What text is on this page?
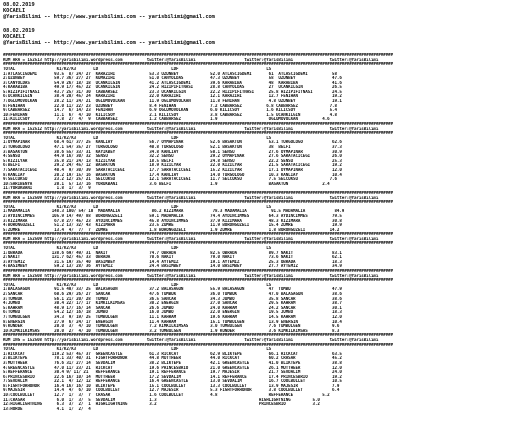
08.02.2019
KOCAELI
@YarisBilimi -- http://www.yarisbilimi.com -- yarisbilimi@gmail.com
08.02.2019
KOCAELI
@YarisBilimi -- http://www.yarisbilimi.com -- yarisbilimi@gmail.com
################################################################################################################################################################
KUM ARA = 152513 http://yarisbilimi.wordpress.com          twitter:@YarisBilimi                    twitter:@YarisBilimi               twitter:@YarisBilimi
################################################################################################################################################################
TOTAL                 K1/K2/K3       LD                              LDF                                    LS
1:ATLASCIGDEMI       93.5  8/ 24/ 27  KARAZIHI              53.3 UZUNBEY             52.0 ATLASCIGDEMI       61  ATLASCIGDEMI          58
2:UZUNBEY            59.7 36/ 27/ 27  KUMAZIHI              51.0 CANYOLDAS           47.3 UZUNBEY            58  UZUNBEY               47.6
3:CANYOLDAS          54.9 26/ 18/ 18  UCANKILGIN            41.2 ATLASCIGDEMI        39.6 KARABIBA           48  KARABIBA              41.6
4:KARABIBA           49.9 17/ 45/ 22  UCANKILGIN            24.2 HIZIPIFITNASI       28.8 CANYOLDAS          27  UCANKILGIN            26.5
5:HIZIPIFITNASI      43.7 25/ 31/ 30  CABBARSEZ             23.3 UCANKILGIN          22.2 HIZIPIFITNASI      25.8 HIZIPIFITNASI        24.5
6:UCANKILGIN         38.4 20/ 45/ 24  KARAZIHI              22.0 KARAZIHI            12.1 KARAZIHI           12.7 FENIHAN              19.2
7:OGLUMOVOLKAN       28.2 11/ 24/ 21  OGLUMOVOLKAN          11.9 OGLUMOVOLKAN        11.8 FENIHAN            4.8 UZUNBEY               19.1
8:FENIHAN            22.0 11/ 22/ 23  UZUNBEY               8.4 FENIHAN              7.2 CABBARSEZ          6.8 CABBARSEZ             7.8
9:CABBARSEZ          14.7  6/ 14/ 23  FENIHAN               6.9 OGLUMOVOLKAN         6.0 KILICSOY           1.6 KILICSOY              5.4
10:FENIHAN           11.1  6/  4/ 10  KILICSOY              2.1 KILICSOY             3.8 CABBARSEZ          1.5 UCANKILGIN            4.8
11:KILICSOY           7.8  2/  4/  9  CABBARSEZ             1.2 CABBARSEZ            1.9                     OGLUMOVOLKAN          4.6
################################################################################################################################################################
KUM ARA = 152512 http://yarisbilimi.wordpress.com          twitter:@YarisBilimi                    twitter:@YarisBilimi               twitter:@YarisBilimi
################################################################################################################################################################
TOTAL                 K1/K2/K3       LD                              LDF                                    LS
1:OYMAPINAR          68.4 61/ 37/ 25  KANLIAY               56.7 OYMAPINAR           52.6 BASAKTUN           53.1 TURGOLOGO            62.6
2:TURGOLOGO          47.1 54/ 35/ 27  TURGOLOGO             40.8 TURGOLOGO           52.1 BASAKTUN           38  BELFI                 37.3
3:BASAKTUN           38.6 55/ 33/ 31  KAYIKBEY              34.8 KANLIAY             50.1 SENSU              27.6 OYMAPINAR            30.9
4:SENSU              44.9 16/ 30/ 32  SENSU                 32.2 SENSU               29.2 OYMAPINAR          27.6 SARATACICEGI         26.0
5:KIZILYAR           35.8 21/ 24/ 13  KIZILYAR              18.5 BELFI               24.8 SENSU              22.2 SENSU                25.3
6:BELFI              29.2 24/ 45/ 12  BASAKTUN              18.9 KIZILYAR            22.0 KIZILYAR           21.5 SARATACICEGI         19.2
7:SARATACICEGI       40.4  9/ 30/ 39  SARATACICEGI          17.7 SARATACICEGI        15.2 KIZILYAR           17.1 OYMAPINAR            12.0
8:KANLIAY            20.2 19/ 15/ 16  BASAKTUN              17.4 KANLIAY             14.0 TURGOLOGO          10.3 KANLIAY              10.4
9:SELCUKSU           23.2 12/ 25/ 21  SELCUKSU              12.1 SARATACICEGI        11.7 SELCUKSU           7.5 SELCUKSU             7.6
10:SARIBENYA         20.1  5/ 13/ 16  YORUKBANI             3.6 BELFI                1.9                     BASAKTUN              2.4
11:YORUKBANI          1.8  1/  3/  9
################################################################################################################################################################
KUM ARA = 152509 http://yarisbilimi.wordpress.com          twitter:@YarisBilimi                    twitter:@YarisBilimi               twitter:@YarisBilimi
################################################################################################################################################################
TOTAL                 K1/K2/K3       LD                              LDF                                    LS
1:MADAMALIA         148.3 100/ 54/ 10  MADAMALIA             86.2 KIZIMARA            78.3 MADAMALIA          91.5 MADAMALIA            84.9
2:AYDINCIMMES       105.9 14/ 49/ 88  BORONGUZELI           59.1 MADAMALIA           74.4 AYDINCIMMES        64.3 AYDINCIMMES          79.5
3:KIZIMARA           67.8 27/ 45/ 23  AYDINCIMMES           45.8 AYDINCIMMES         37.9 KIZIMARA           48.3 KIZIMARA             30.8
4:BORONGUZELI        51.2 13/ 32/ 43  KIZIMARA              23.5 ZUMRE               11.9 BORONGUZELI        15.4 ZUMRE                19.9
5:ZUMRE              13.4  4/  7/  7  ZUMRE                 1.8 BORONGUZELI          1.9 ZUMRE               1.8 BORONGUZELI          14.2
################################################################################################################################################################
KUM ARA = 152509 http://yarisbilimi.wordpress.com          twitter:@YarisBilimi                    twitter:@YarisBilimi               twitter:@YarisBilimi
################################################################################################################################################################
TOTAL                 K1/K2/K3       LD                              LDF                                    LS
1:OBRADA            138.6 69/ 49/ 31  NAKIT                 74.7 OBRADA              82.5 OBRADA             89.7 NAKIT                83.1
2:NAKIT             131.7 62/ 45/ 33  OBRADA                70.6 NAKIT               79.0 NAKIT              73.6 NAKIT                62.1
3:AYTEMIZ            31.5 19/ 35/ 40  BASIMBEY              14.4 AYTEMIZ             19.1 AYTEMIZ            25.3 OBRADA               18.3
4:BASIMBEY           59.2 13/ 28/ 36  AYTEMIZ               24.4 BASIMBEY            14.0 BASIMBEY           27.7 AYTEMIZ              34.9
################################################################################################################################################################
KUM ARA = 152508 http://yarisbilimi.wordpress.com          twitter:@YarisBilimi                    twitter:@YarisBilimi               twitter:@YarisBilimi
################################################################################################################################################################
TOTAL                 K1/K2/K3       LD                              LDF                                    LS
1:BALASAGUN          91.5 40/ 33/ 25  BALASAGUN             37.2 BALASAGUN           55.9 BALASAGUN          47  TOMBU                 47.9
2:SANCAR             60.6 29/ 26/ 27  SANCAR                47.6 TUMBUK              36.0 TUMBUK             47.0 BALASAGUN            38.6
3:TUMBUK             56.1 21/ 20/ 28  TUMBU                 36.5 SANCAR              34.3 JUMBO              35.8 SANCAR               38.6
4:JUMBO              30.4 22/ 17/ 17  KIMKILKIMSAS          30.2 ENERGIN             27.0 SANCAR             29.5 KAHRAM               38.7
5:KAHRAM             48.9 17/ 16/ 14  SANCAR                26.6 JUMBO               24.0 KAHRAM             24.2 SANCAR               30.1
6:TOMBU              54.2 12/ 16/ 18  JUMBO                 16.0 JUMBO               22.0 ENERGIN            19.5 JUMBO                18.3
7:TUMBULGEN          34.3  9/ 19/ 25  TUMBULGEN             11.1 KAHRAM              19.6 KAHRAM             14.5 KAHRAM               12.0
8:ENERGIN            27.9  6/ 24/ 17  ENERGIN               11.4 KAHRAM              15.1 TUMBULGEN          13.9 ENERGIN              10.4
9:KUNDER             20.0  3/  4/ 10  TUMBULGEN             7.2 KIMKILKIMSAS         3.0 TUMBULGEN           7.6 TUMBULGEN             9.6
10:KIMKILKIMSAS      20.0  2/  4/ 10  TUMBULGEN             3.2 TUMBULGEN            1.9 KUNDER              3.6 KIMKILKIMSAS          8.3
################################################################################################################################################################
KUM ING = 152508 http://yarisbilimi.wordpress.com          twitter:@YarisBilimi                    twitter:@YarisBilimi               twitter:@YarisBilimi
################################################################################################################################################################
TOTAL                 K1/K2/K3       LD                              LDF                                    LS
1:RICKCAT           119.2 53/ 45/ 37  GREENCASTLE           61.3 RICKCAT             62.9 BLIKTEPE           66.1 RICKCAT              63.5
2:BLIKTEPE           78.1 33/ 40/ 31  FIGHTFORHONOR         44.8 MUTTHEER            44.0 RICKCAT            60.2 CRASAR               45.2
3:MUTTHEER           76.6 31/ 27/ 14  SEVDALIM              38.2 BLIKTEPE            42.1 GREENCASTLE        41.0 BLIKTEPE             38.8
4:GREENCASTLE        47.0 11/ 23/ 21  RICKCAT               19.6 PRINCESBRIO         21.0 GREENCASTLE        26.1 MUTTHEER             12.0
5:REFFERANCE         30.4 9/ 11/ 21   REFFERANCE            19.1 REFFERANCE          19.7 MAJESIR            21.7 SEVDALIM             24.0
6:PRINCESBRIO        22.6 16/ 10/ 14  MUTTHEER              17.2 SEVDALIM            14.1 REFFERANCE         17.4 PRINCESBRIO          19.2
7:SEVDALIM           22.1  4/ 12/ 12  REFFERANCE            16.4 GREENCASTLE         13.0 SEVDALIM           16.7 COOLBULLET           10.5
8:FIGHTFORHONOR      16.4 16/ 16/ 10  BLIKTEPE              15.1 COOLBULLET          13.3 COOLBULLET         13.9 MAJESIR              7.9
9:MAJESIR            14.4  4/  6/ 10  COOLBULLET            12.7 MAJESIR             5.3 FIGHTFORHONOR       3.8 COOLBULLET            6.4
10:COOLBULLET        12.7  1/  3/  7  CRASAR                1.6 COOLBULLET           4.8                     REFFERANCE            5.2
11:CRASAR             6.0  1/  3/  5  SEVDALIM              1.3                                          HIGHLIGHTNING         5.0
12:HIGHLIGHTNING      6.3  3/  2/  1  HIGHLIGHTNING         3.2                                          PRINCESBRIO           3.2
13:HOROE              4.1  1/  2/  4
